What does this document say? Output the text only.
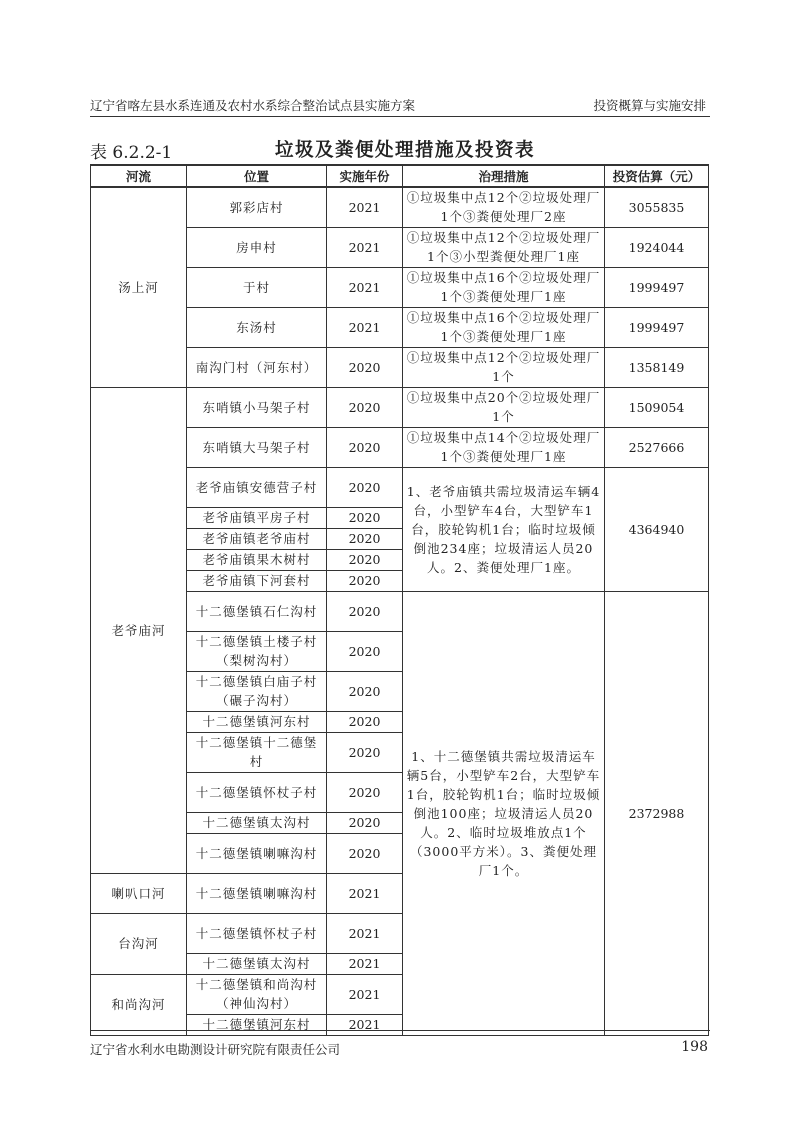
辽宁省喀左县水系连通及农村水系综合整治试点县实施方案	投资概算与实施安排
表 6.2.2-1	垃圾及粪便处理措施及投资表
河流	位置	实施年份	治理措施	投资估算（元）
汤上河	郭彩店村	2021	①垃圾集中点12个②垃圾处理厂1个③粪便处理厂2座	3055835
	房申村	2021	①垃圾集中点12个②垃圾处理厂1个③小型粪便处理厂1座	1924044
	于村	2021	①垃圾集中点16个②垃圾处理厂1个③粪便处理厂1座	1999497
	东汤村	2021	①垃圾集中点16个②垃圾处理厂1个③粪便处理厂1座	1999497
	南沟门村（河东村）	2020	①垃圾集中点12个②垃圾处理厂1个	1358149
老爷庙河	东哨镇小马架子村	2020	①垃圾集中点20个②垃圾处理厂1个	1509054
	东哨镇大马架子村	2020	①垃圾集中点14个②垃圾处理厂1个③粪便处理厂1座	2527666
	老爷庙镇安德营子村	2020	1、老爷庙镇共需垃圾清运车辆4台，小型铲车4台，大型铲车1台，胶轮钩机1台；临时垃圾倾倒池234座；垃圾清运人员20人。2、粪便处理厂1座。	4364940
	老爷庙镇平房子村	2020		
	老爷庙镇老爷庙村	2020		
	老爷庙镇果木树村	2020		
	老爷庙镇下河套村	2020		
	十二德堡镇石仁沟村	2020	1、十二德堡镇共需垃圾清运车辆5台，小型铲车2台，大型铲车1台，胶轮钩机1台；临时垃圾倾倒池100座；垃圾清运人员20人。2、临时垃圾堆放点1个（3000平方米）。3、粪便处理厂1个。	2372988
	十二德堡镇土楼子村（梨树沟村）	2020		
	十二德堡镇白庙子村（碾子沟村）	2020		
	十二德堡镇河东村	2020		
	十二德堡镇十二德堡村	2020		
	十二德堡镇怀杖子村	2020		
	十二德堡镇太沟村	2020		
	十二德堡镇喇嘛沟村	2020		
喇叭口河	十二德堡镇喇嘛沟村	2021		
台沟河	十二德堡镇怀杖子村	2021		
	十二德堡镇太沟村	2021		
和尚沟河	十二德堡镇和尚沟村（神仙沟村）	2021		
	十二德堡镇河东村	2021		
辽宁省水利水电勘测设计研究院有限责任公司	198
